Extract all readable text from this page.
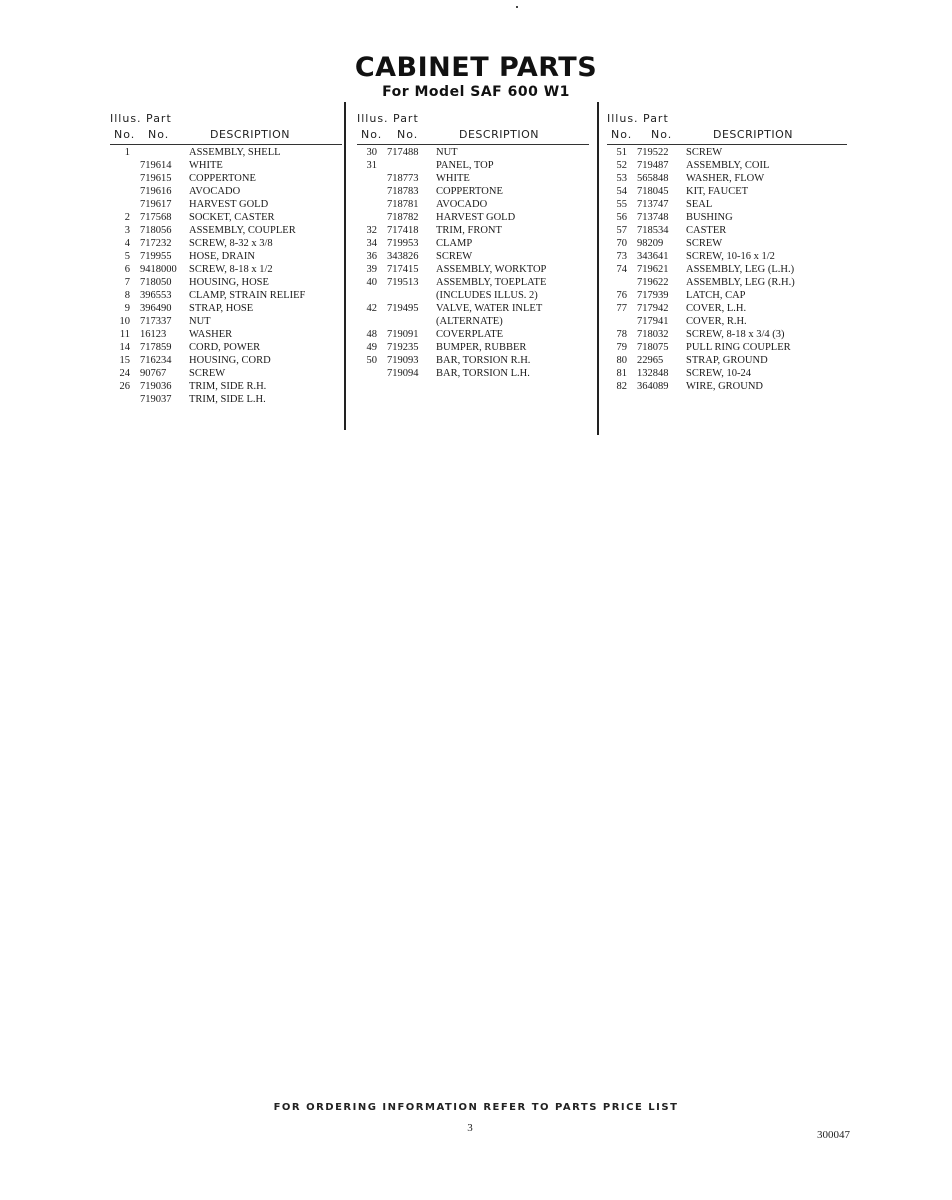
CABINET PARTS
For Model SAF 600 W1
Illus. Part
No. No.	DESCRIPTION
1	ASSEMBLY, SHELL
719614 WHITE
719615 COPPERTONE
719616 AVOCADO
719617 HARVEST GOLD
2 717568 SOCKET, CASTER
3 718056 ASSEMBLY, COUPLER
4 717232 SCREW, 8-32 x 3/8
5 719955 HOSE, DRAIN
6 9418000 SCREW, 8-18 x 1/2
7 718050 HOUSING, HOSE
8 396553 CLAMP, STRAIN RELIEF
9 396490 STRAP, HOSE
10 717337 NUT
11 16123 WASHER
14 717859 CORD, POWER
15 716234 HOUSING, CORD
24 90767 SCREW
26 719036 TRIM, SIDE R.H.
719037 TRIM, SIDE L.H.
Illus. Part
No. No.	DESCRIPTION
30 717488 NUT
31	PANEL, TOP
718773 WHITE
718783 COPPERTONE
718781 AVOCADO
718782 HARVEST GOLD
32 717418 TRIM, FRONT
34 719953 CLAMP
36 343826 SCREW
39 717415 ASSEMBLY, WORKTOP
40 719513 ASSEMBLY, TOEPLATE
(INCLUDES ILLUS. 2)
42 719495 VALVE, WATER INLET
(ALTERNATE)
48 719091 COVERPLATE
49 719235 BUMPER, RUBBER
50 719093 BAR, TORSION R.H.
719094 BAR, TORSION L.H.
Illus. Part
No. No.	DESCRIPTION
51 719522 SCREW
52 719487 ASSEMBLY, COIL
53 565848 WASHER, FLOW
54 718045 KIT, FAUCET
55 713747 SEAL
56 713748 BUSHING
57 718534 CASTER
70 98209 SCREW
73 343641 SCREW, 10-16 x 1/2
74 719621 ASSEMBLY, LEG (L.H.)
719622 ASSEMBLY, LEG (R.H.)
76 717939 LATCH, CAP
77 717942 COVER, L.H.
717941 COVER, R.H.
78 718032 SCREW, 8-18 x 3/4 (3)
79 718075 PULL RING COUPLER
80 22965 STRAP, GROUND
81 132848 SCREW, 10-24
82 364089 WIRE, GROUND
FOR ORDERING INFORMATION REFER TO PARTS PRICE LIST
3
300047
